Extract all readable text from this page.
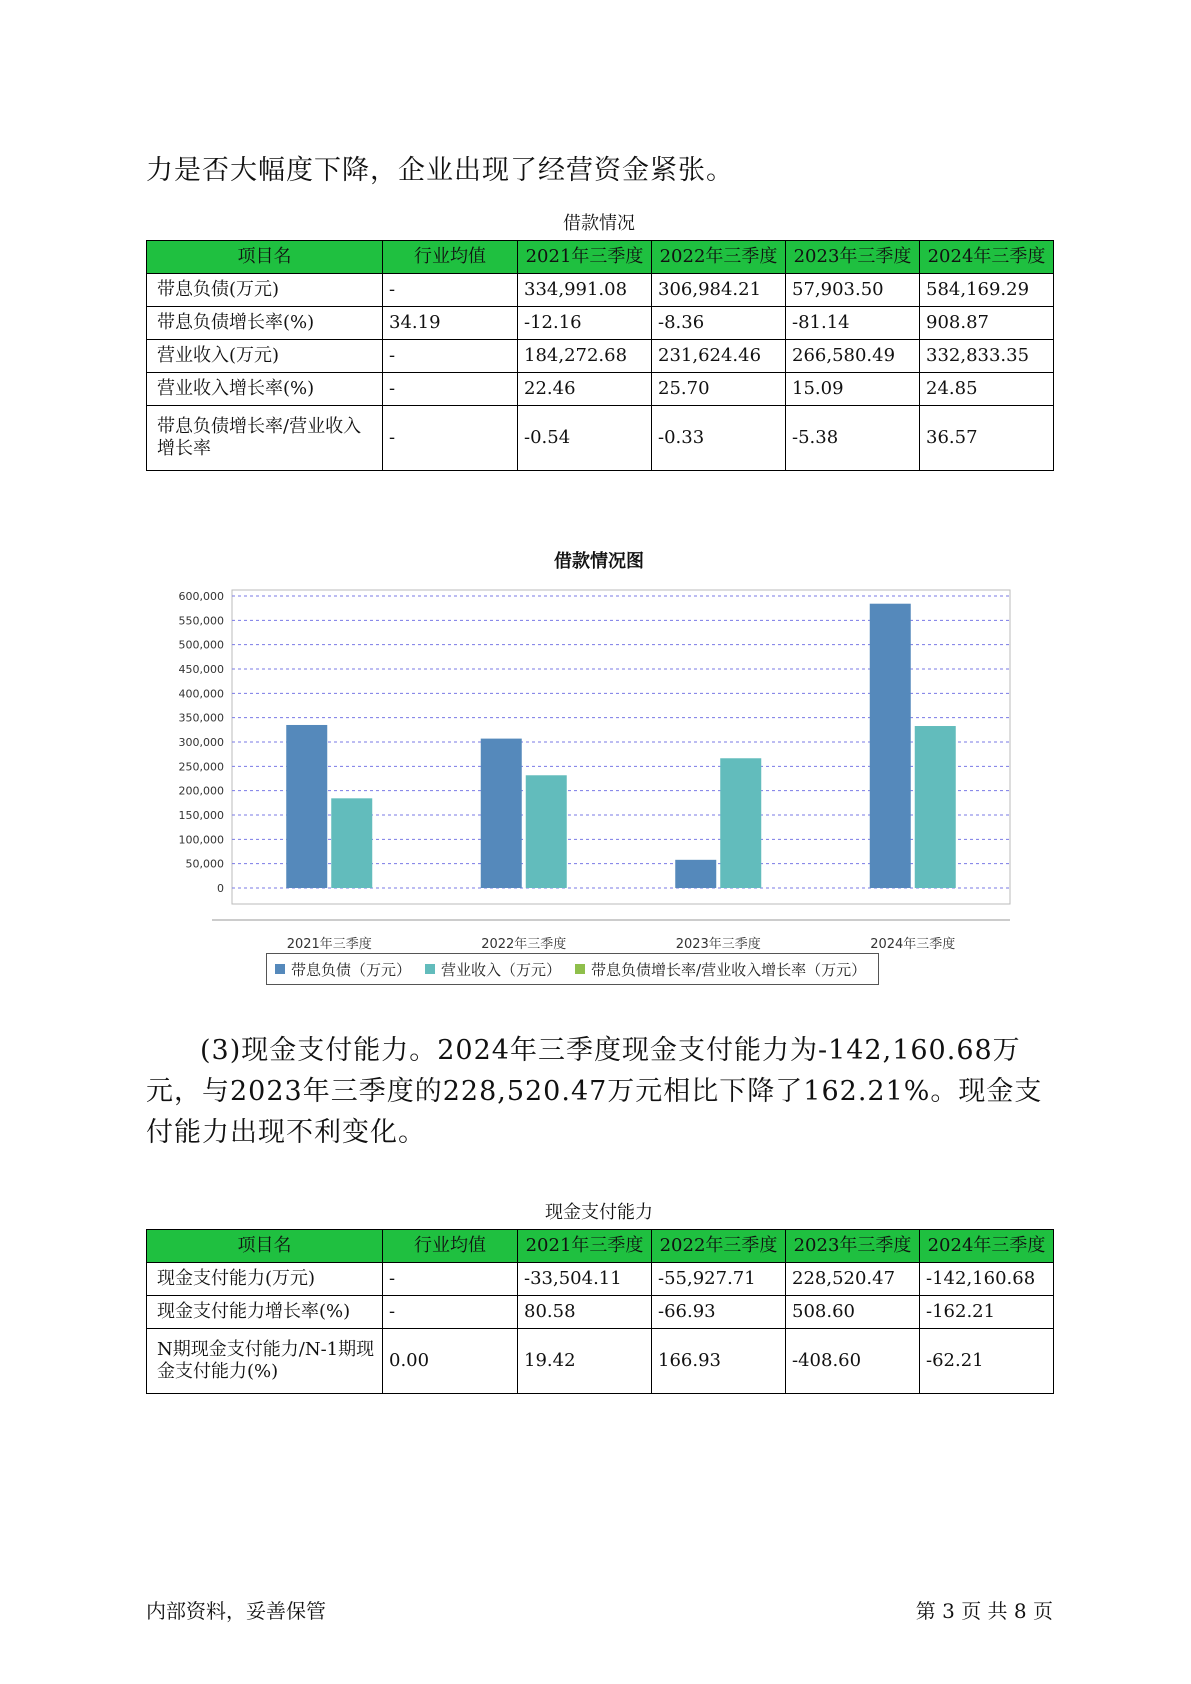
力是否大幅度下降，企业出现了经营资金紧张。

借款情况
项目名	行业均值	2021年三季度	2022年三季度	2023年三季度	2024年三季度
带息负债(万元)	-	334,991.08	306,984.21	57,903.50	584,169.29
带息负债增长率(%)	34.19	-12.16	-8.36	-81.14	908.87
营业收入(万元)	-	184,272.68	231,624.46	266,580.49	332,833.35
营业收入增长率(%)	-	22.46	25.70	15.09	24.85
带息负债增长率/营业收入增长率	-	-0.54	-0.33	-5.38	36.57
借款情况图
600,000
550,000
500,000
450,000
400,000
350,000
300,000
250,000
200,000
150,000
100,000
50,000
0
2021年三季度	2022年三季度	2023年三季度	2024年三季度
带息负债（万元） 营业收入（万元） 带息负债增长率/营业收入增长率（万元）

(3)现金支付能力。2024年三季度现金支付能力为-142,160.68万元，与2023年三季度的228,520.47万元相比下降了162.21%。现金支付能力出现不利变化。

现金支付能力
项目名	行业均值	2021年三季度	2022年三季度	2023年三季度	2024年三季度
现金支付能力(万元)	-	-33,504.11	-55,927.71	228,520.47	-142,160.68
现金支付能力增长率(%)	-	80.58	-66.93	508.60	-162.21
N期现金支付能力/N-1期现金支付能力(%)	0.00	19.42	166.93	-408.60	-62.21
内部资料，妥善保管	第 3 页 共 8 页
